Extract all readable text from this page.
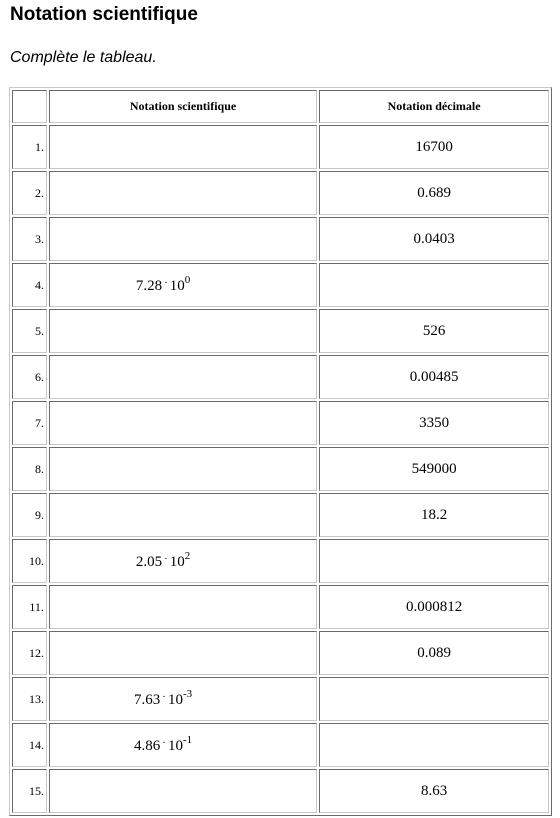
Notation scientifique
Complète le tableau.
	Notation scientifique	Notation décimale
1.		16700
2.		0.689
3.		0.0403
4.	7.28 · $10^0$	
5.		526
6.		0.00485
7.		3350
8.		549000
9.		18.2
10.	2.05 · $10^2$	
11.		0.000812
12.		0.089
13.	7.63 · $10^{-3}$	
14.	4.86 · $10^{-1}$	
15.		8.63
